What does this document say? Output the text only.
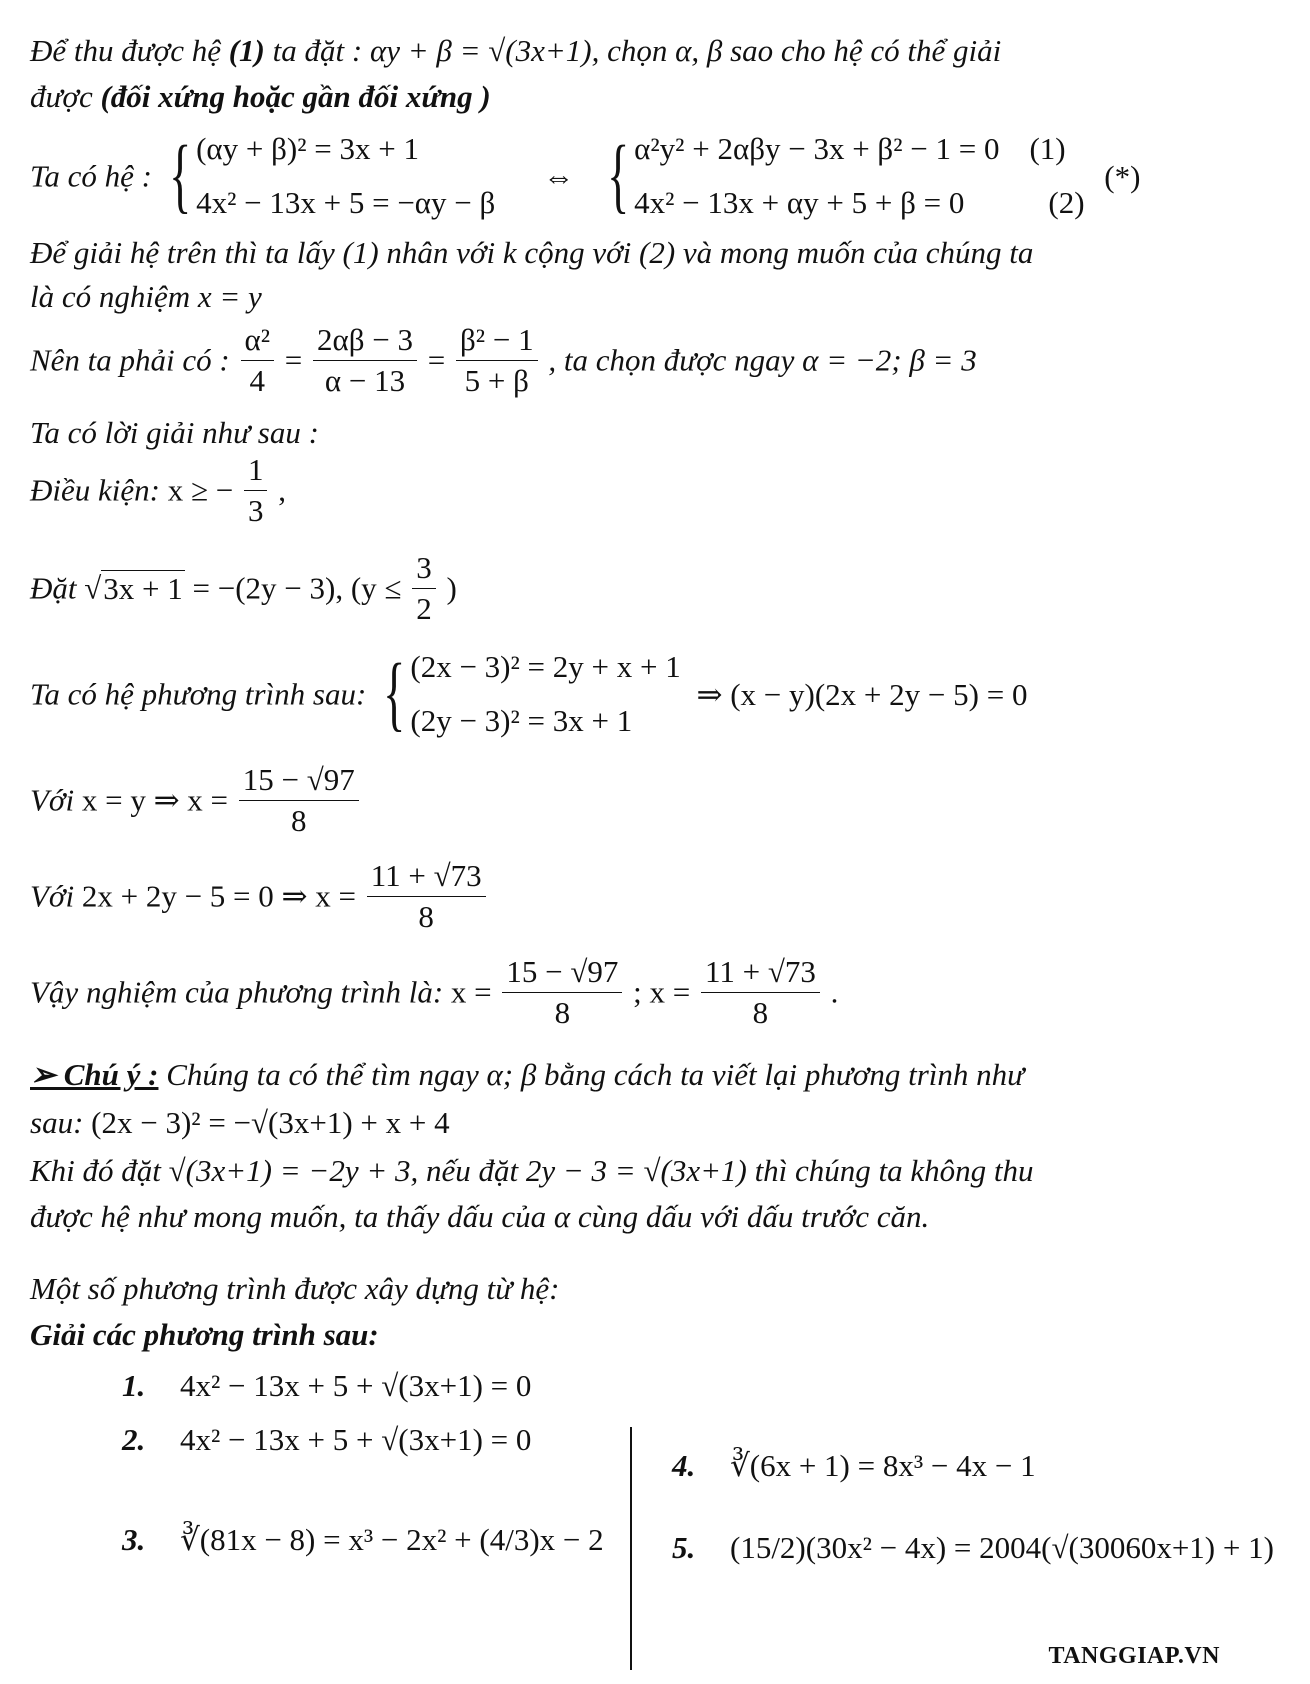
Để thu được hệ (1) ta đặt : αy + β = √(3x+1), chọn α, β sao cho hệ có thể giải
được (đối xứng hoặc gần đối xứng )
Ta có hệ : { (αy + β)² = 3x + 1
4x² − 13x + 5 = −αy − β
⇔ { α²y² + 2αβy − 3x + β² − 1 = 0 (1)
4x² − 13x + αy + 5 + β = 0	(2)
(*)
Để giải hệ trên thì ta lấy (1) nhân với k cộng với (2) và mong muốn của chúng ta
là có nghiệm x = y
Nên ta phải có : $\frac{\text{α²}}{4} = \frac{2\alpha\beta - 3}{\alpha - 13} = \frac{\text{β² − 1}}{5 + \beta}$ , ta chọn được ngay α = −2; β = 3
Ta có lời giải như sau :
Điều kiện: x ≥ − $\frac{1}{3}$ ,
Đặt √3x + 1 = −(2y − 3), ($y \le \frac{3}{2}$ )
Ta có hệ phương trình sau: { (2x − 3)² = 2y + x + 1
(2y − 3)² = 3x + 1
⇒ (x − y)(2x + 2y − 5) = 0
Với x = y ⇒ $x = \frac{15 - √97}{8}$
Với 2x + 2y − 5 = 0 ⇒ $x = \frac{11 + √73}{8}$
Vậy nghiệm của phương trình là: $x = \frac{15 - √97}{8}$ ; $x = \frac{11 + √73}{8}$ .
➢ Chú ý : Chúng ta có thể tìm ngay α; β bằng cách ta viết lại phương trình như
sau: (2x − 3)² = −√(3x+1) + x + 4
Khi đó đặt √(3x+1) = −2y + 3, nếu đặt 2y − 3 = √(3x+1) thì chúng ta không thu
được hệ như mong muốn, ta thấy dấu của α cùng dấu với dấu trước căn.
Một số phương trình được xây dựng từ hệ:
Giải các phương trình sau:
1. 4x² − 13x + 5 + √(3x+1) = 0
2. 4x² − 13x + 5 + √(3x+1) = 0
3. ∛(81x − 8) = x³ − 2x² + (4/3)x − 2
4. ∛(6x + 1) = 8x³ − 4x − 1
5. (15/2)(30x² − 4x) = 2004(√(30060x+1) + 1)
TANGGIAP.VN
